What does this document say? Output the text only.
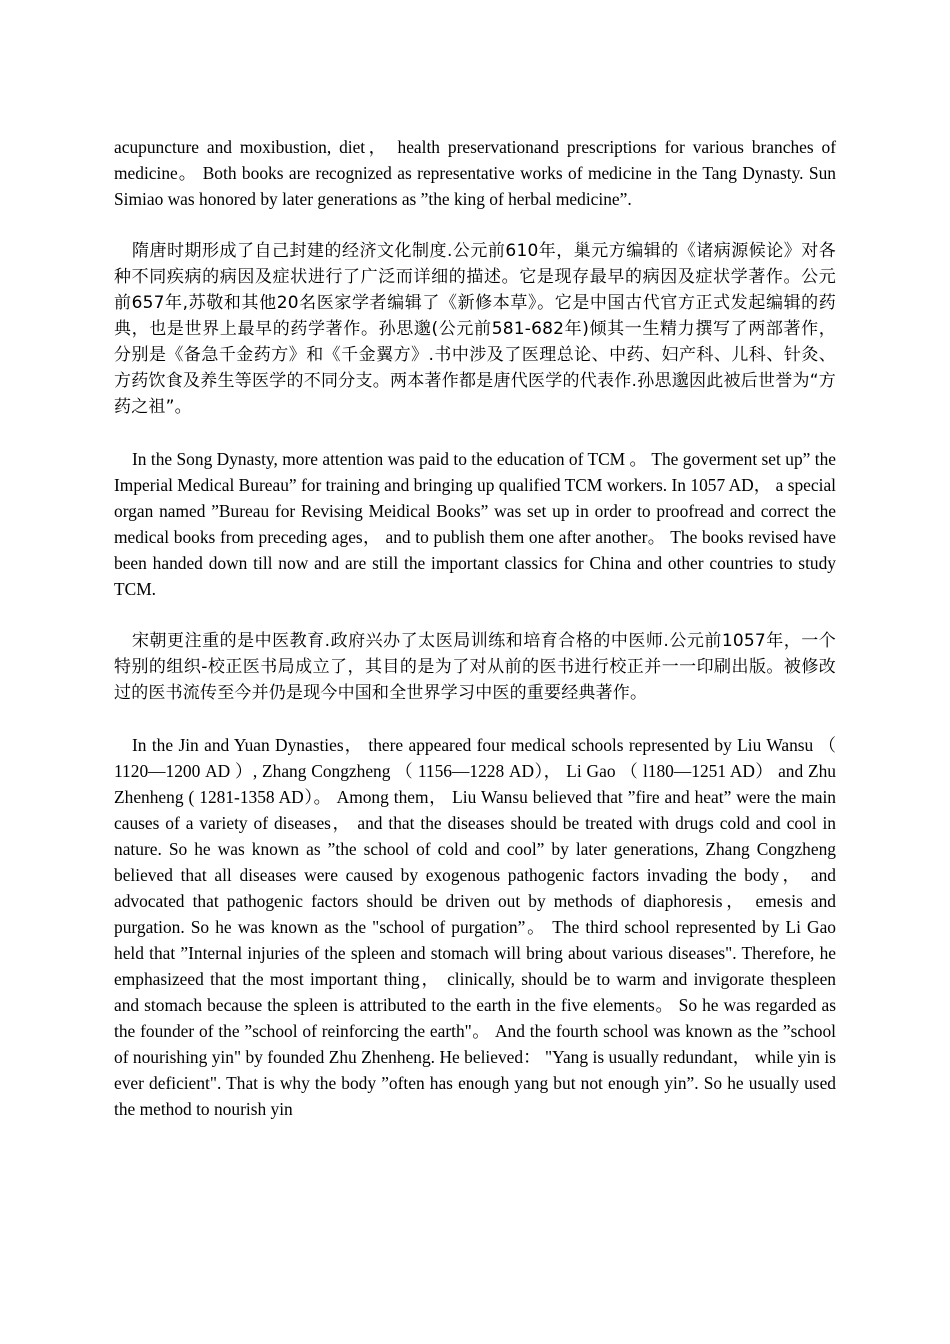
acupuncture and moxibustion, diet， health preservationand prescriptions for various branches of medicine。 Both books are recognized as representative works of medicine in the Tang Dynasty. Sun Simiao was honored by later generations as ”the king of herbal medicine”.

隋唐时期形成了自己封建的经济文化制度.公元前610年，巢元方编辑的《诸病源候论》对各种不同疾病的病因及症状进行了广泛而详细的描述。它是现存最早的病因及症状学著作。公元前657年,苏敬和其他20名医家学者编辑了《新修本草》。它是中国古代官方正式发起编辑的药典，也是世界上最早的药学著作。孙思邈(公元前581-682年)倾其一生精力撰写了两部著作，分别是《备急千金药方》和《千金翼方》.书中涉及了医理总论、中药、妇产科、儿科、针灸、方药饮食及养生等医学的不同分支。两本著作都是唐代医学的代表作.孙思邈因此被后世誉为“方药之祖”。

In the Song Dynasty, more attention was paid to the education of TCM 。 The goverment set up” the Imperial Medical Bureau” for training and bringing up qualified TCM workers. In 1057 AD， a special organ named ”Bureau for Revising Meidical Books” was set up in order to proofread and correct the medical books from preceding ages， and to publish them one after another。 The books revised have been handed down till now and are still the important classics for China and other countries to study TCM.

宋朝更注重的是中医教育.政府兴办了太医局训练和培育合格的中医师.公元前1057年，一个特别的组织-校正医书局成立了，其目的是为了对从前的医书进行校正并一一印刷出版。被修改过的医书流传至今并仍是现今中国和全世界学习中医的重要经典著作。

In the Jin and Yuan Dynasties， there appeared four medical schools represented by Liu Wansu （ 1120—1200 AD ）, Zhang Congzheng （ 1156—1228 AD）， Li Gao （ l180—1251 AD） and Zhu Zhenheng ( 1281-1358 AD）。 Among them， Liu Wansu believed that ”fire and heat” were the main causes of a variety of diseases， and that the diseases should be treated with drugs cold and cool in nature. So he was known as ”the school of cold and cool” by later generations, Zhang Congzheng believed that all diseases were caused by exogenous pathogenic factors invading the body， and advocated that pathogenic factors should be driven out by methods of diaphoresis， emesis and purgation. So he was known as the "school of purgation”。 The third school represented by Li Gao held that ”Internal injuries of the spleen and stomach will bring about various diseases". Therefore, he emphasizeed that the most important thing， clinically, should be to warm and invigorate thespleen and stomach because the spleen is attributed to the earth in the five elements。 So he was regarded as the founder of the ”school of reinforcing the earth"。 And the fourth school was known as the ”school of nourishing yin" by founded Zhu Zhenheng. He believed： "Yang is usually redundant， while yin is ever deficient". That is why the body ”often has enough yang but not enough yin”. So he usually used the method to nourish yin
